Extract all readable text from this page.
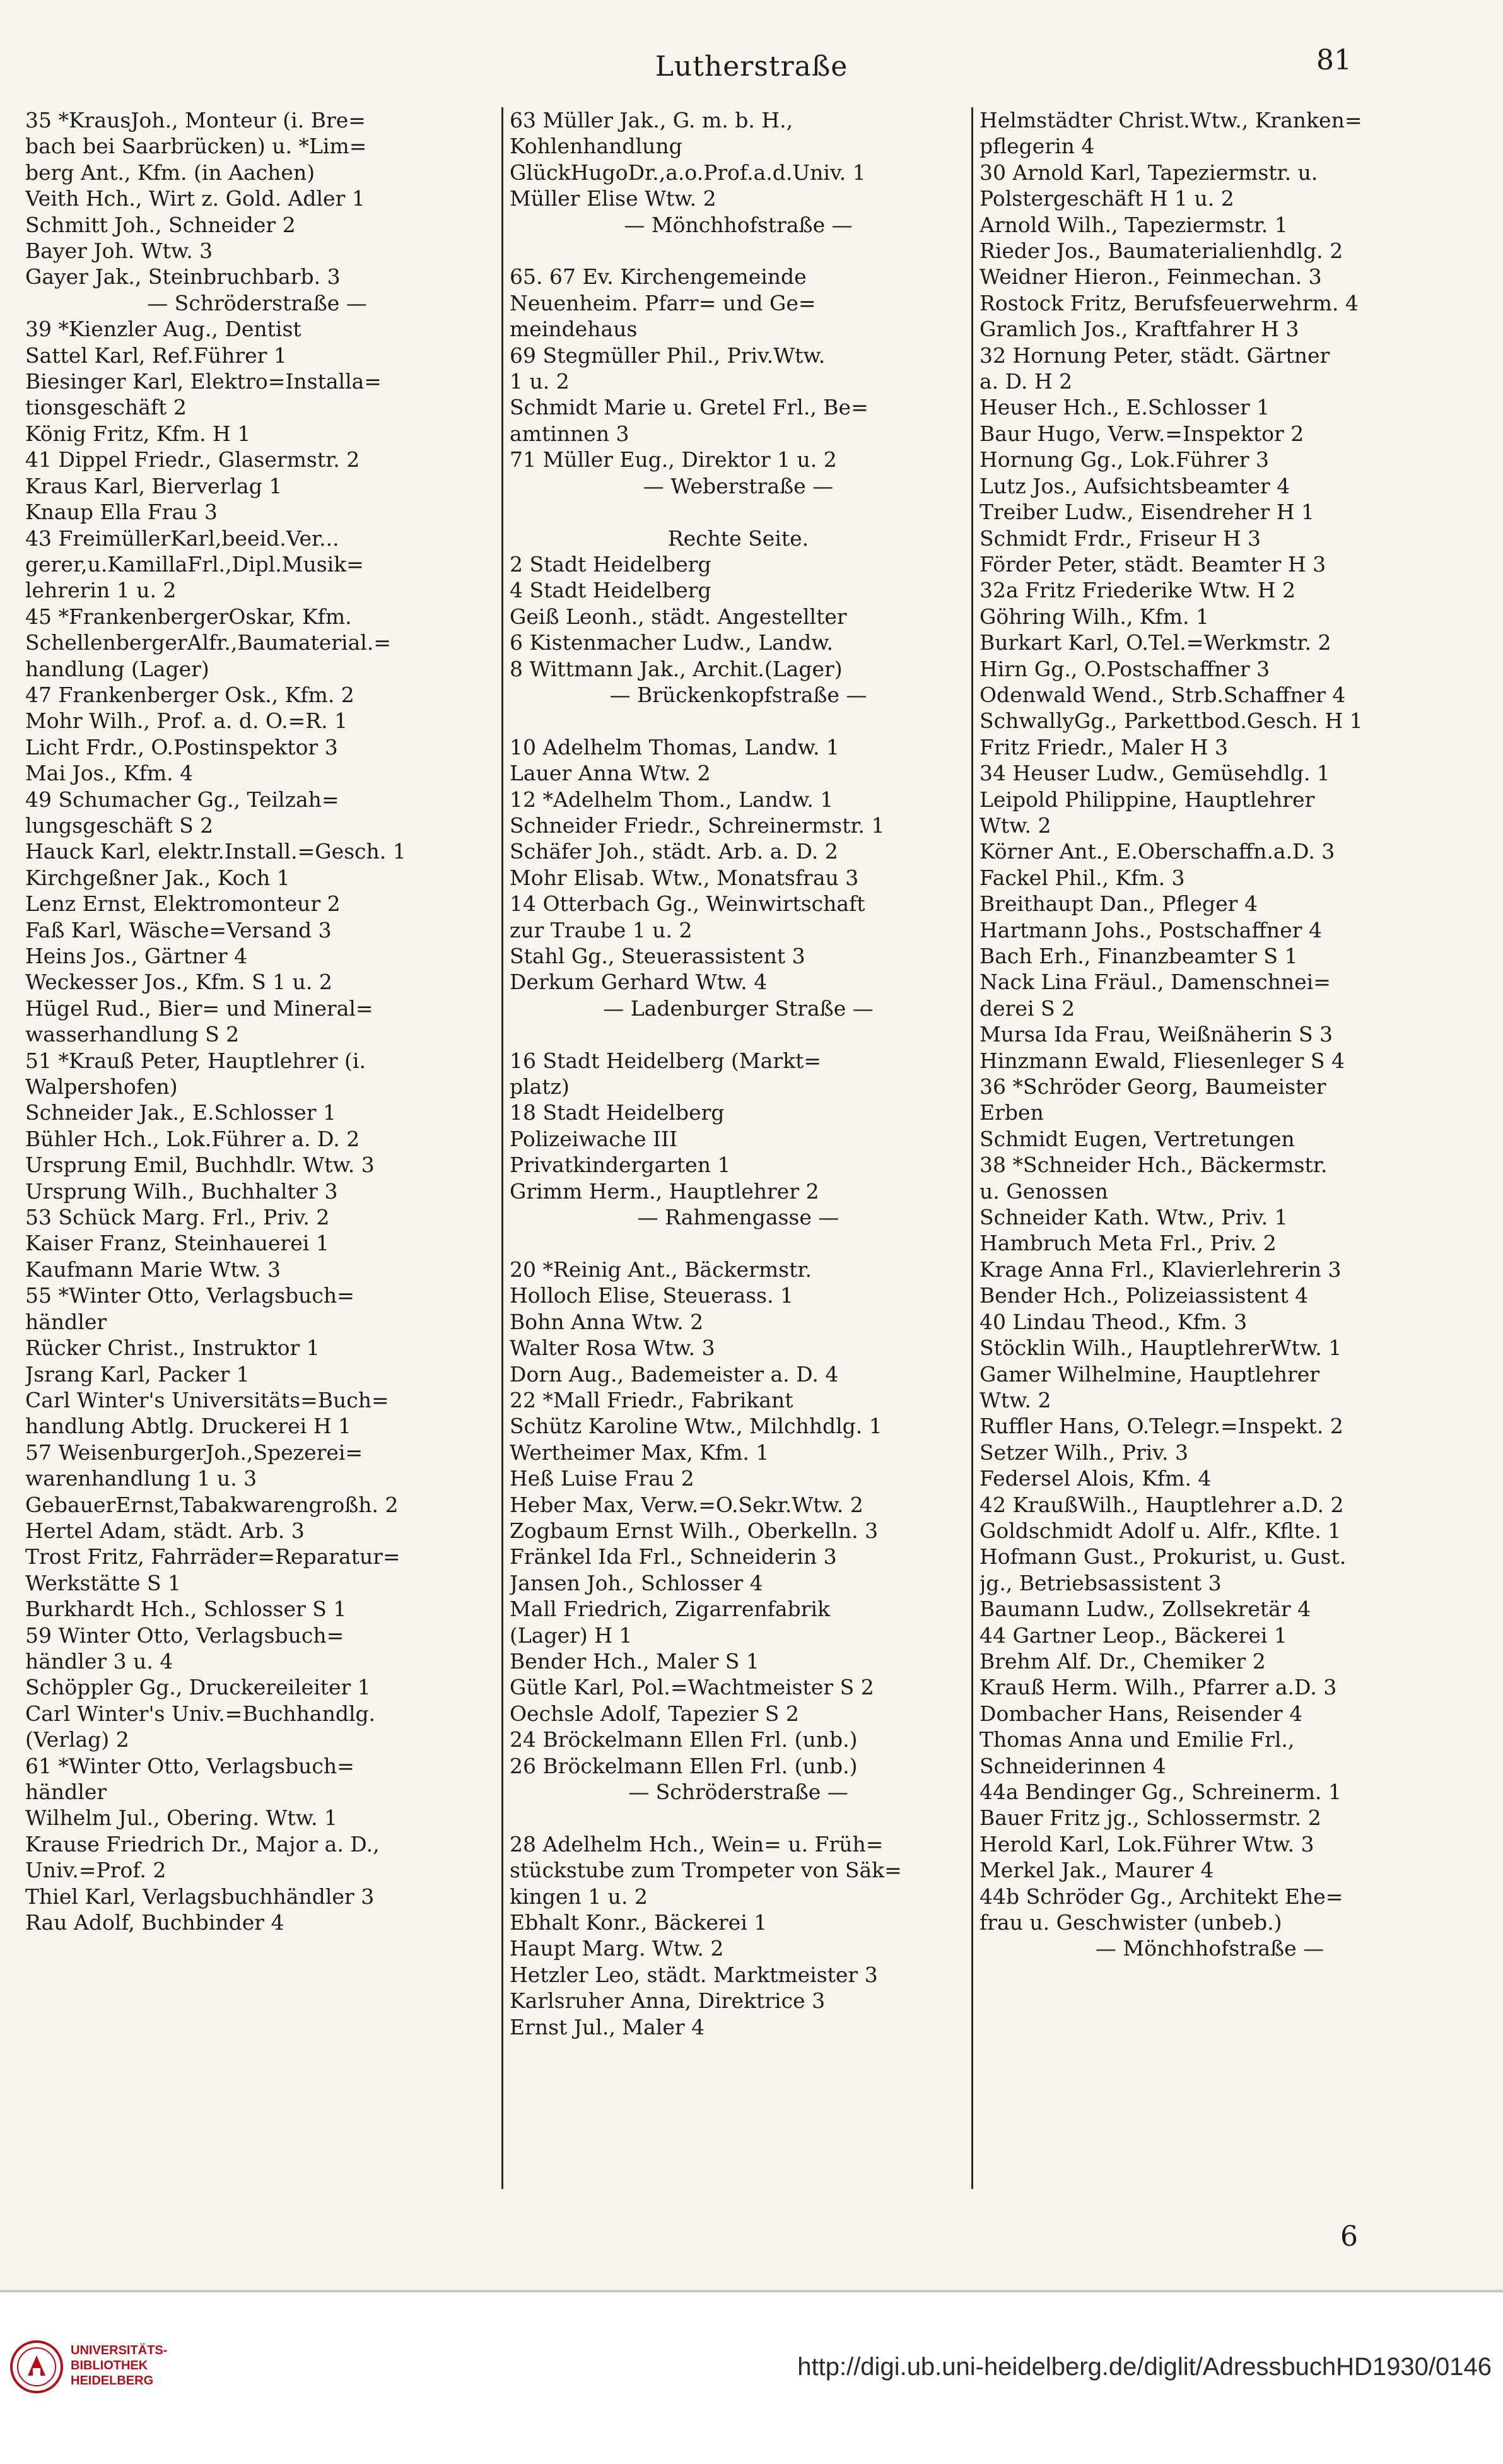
Lutherstraße	81
35 *KrausJoh., Monteur (i. Bre=
bach bei Saarbrücken) u. *Lim=
berg Ant., Kfm. (in Aachen)
Veith Hch., Wirt z. Gold. Adler 1
Schmitt Joh., Schneider 2
Bayer Joh. Wtw. 3
Gayer Jak., Steinbruchbarb. 3
— Schröderstraße —
39 *Kienzler Aug., Dentist
Sattel Karl, Ref.Führer 1
Biesinger Karl, Elektro=Installa=
tionsgeschäft 2
König Fritz, Kfm. H 1
41 Dippel Friedr., Glasermstr. 2
Kraus Karl, Bierverlag 1
Knaup Ella Frau 3
43 FreimüllerKarl,beeid.Ver...
gerer,u.KamillaFrl.,Dipl.Musik=
lehrerin 1 u. 2
45 *FrankenbergerOskar, Kfm.
SchellenbergerAlfr.,Baumaterial.=
handlung (Lager)
47 Frankenberger Osk., Kfm. 2
Mohr Wilh., Prof. a. d. O.=R. 1
Licht Frdr., O.Postinspektor 3
Mai Jos., Kfm. 4
49 Schumacher Gg., Teilzah=
lungsgeschäft S 2
Hauck Karl, elektr.Install.=Gesch. 1
Kirchgeßner Jak., Koch 1
Lenz Ernst, Elektromonteur 2
Faß Karl, Wäsche=Versand 3
Heins Jos., Gärtner 4
Weckesser Jos., Kfm. S 1 u. 2
Hügel Rud., Bier= und Mineral=
wasserhandlung S 2
51 *Krauß Peter, Hauptlehrer (i.
Walpershofen)
Schneider Jak., E.Schlosser 1
Bühler Hch., Lok.Führer a. D. 2
Ursprung Emil, Buchhdlr. Wtw. 3
Ursprung Wilh., Buchhalter 3
53 Schück Marg. Frl., Priv. 2
Kaiser Franz, Steinhauerei 1
Kaufmann Marie Wtw. 3
55 *Winter Otto, Verlagsbuch=
händler
Rücker Christ., Instruktor 1
Jsrang Karl, Packer 1
Carl Winter's Universitäts=Buch=
handlung Abtlg. Druckerei H 1
57 WeisenburgerJoh.,Spezerei=
warenhandlung 1 u. 3
GebauerErnst,Tabakwarengroßh. 2
Hertel Adam, städt. Arb. 3
Trost Fritz, Fahrräder=Reparatur=
Werkstätte S 1
Burkhardt Hch., Schlosser S 1
59 Winter Otto, Verlagsbuch=
händler 3 u. 4
Schöppler Gg., Druckereileiter 1
Carl Winter's Univ.=Buchhandlg.
(Verlag) 2
61 *Winter Otto, Verlagsbuch=
händler
Wilhelm Jul., Obering. Wtw. 1
Krause Friedrich Dr., Major a. D.,
Univ.=Prof. 2
Thiel Karl, Verlagsbuchhändler 3
Rau Adolf, Buchbinder 4
63 Müller Jak., G. m. b. H.,
Kohlenhandlung
GlückHugoDr.,a.o.Prof.a.d.Univ. 1
Müller Elise Wtw. 2
— Mönchhofstraße —

65. 67 Ev. Kirchengemeinde
Neuenheim. Pfarr= und Ge=
meindehaus
69 Stegmüller Phil., Priv.Wtw.
1 u. 2
Schmidt Marie u. Gretel Frl., Be=
amtinnen 3
71 Müller Eug., Direktor 1 u. 2
— Weberstraße —

Rechte Seite.
2 Stadt Heidelberg
4 Stadt Heidelberg
Geiß Leonh., städt. Angestellter
6 Kistenmacher Ludw., Landw.
8 Wittmann Jak., Archit.(Lager)
— Brückenkopfstraße —

10 Adelhelm Thomas, Landw. 1
Lauer Anna Wtw. 2
12 *Adelhelm Thom., Landw. 1
Schneider Friedr., Schreinermstr. 1
Schäfer Joh., städt. Arb. a. D. 2
Mohr Elisab. Wtw., Monatsfrau 3
14 Otterbach Gg., Weinwirtschaft
zur Traube 1 u. 2
Stahl Gg., Steuerassistent 3
Derkum Gerhard Wtw. 4
— Ladenburger Straße —

16 Stadt Heidelberg (Markt=
platz)
18 Stadt Heidelberg
Polizeiwache III
Privatkindergarten 1
Grimm Herm., Hauptlehrer 2
— Rahmengasse —

20 *Reinig Ant., Bäckermstr.
Holloch Elise, Steuerass. 1
Bohn Anna Wtw. 2
Walter Rosa Wtw. 3
Dorn Aug., Bademeister a. D. 4
22 *Mall Friedr., Fabrikant
Schütz Karoline Wtw., Milchhdlg. 1
Wertheimer Max, Kfm. 1
Heß Luise Frau 2
Heber Max, Verw.=O.Sekr.Wtw. 2
Zogbaum Ernst Wilh., Oberkelln. 3
Fränkel Ida Frl., Schneiderin 3
Jansen Joh., Schlosser 4
Mall Friedrich, Zigarrenfabrik
(Lager) H 1
Bender Hch., Maler S 1
Gütle Karl, Pol.=Wachtmeister S 2
Oechsle Adolf, Tapezier S 2
24 Bröckelmann Ellen Frl. (unb.)
26 Bröckelmann Ellen Frl. (unb.)
— Schröderstraße —

28 Adelhelm Hch., Wein= u. Früh=
stückstube zum Trompeter von Säk=
kingen 1 u. 2
Ebhalt Konr., Bäckerei 1
Haupt Marg. Wtw. 2
Hetzler Leo, städt. Marktmeister 3
Karlsruher Anna, Direktrice 3
Ernst Jul., Maler 4
Helmstädter Christ.Wtw., Kranken=
pflegerin 4
30 Arnold Karl, Tapeziermstr. u.
Polstergeschäft H 1 u. 2
Arnold Wilh., Tapeziermstr. 1
Rieder Jos., Baumaterialienhdlg. 2
Weidner Hieron., Feinmechan. 3
Rostock Fritz, Berufsfeuerwehrm. 4
Gramlich Jos., Kraftfahrer H 3
32 Hornung Peter, städt. Gärtner
a. D. H 2
Heuser Hch., E.Schlosser 1
Baur Hugo, Verw.=Inspektor 2
Hornung Gg., Lok.Führer 3
Lutz Jos., Aufsichtsbeamter 4
Treiber Ludw., Eisendreher H 1
Schmidt Frdr., Friseur H 3
Förder Peter, städt. Beamter H 3
32a Fritz Friederike Wtw. H 2
Göhring Wilh., Kfm. 1
Burkart Karl, O.Tel.=Werkmstr. 2
Hirn Gg., O.Postschaffner 3
Odenwald Wend., Strb.Schaffner 4
SchwallyGg., Parkettbod.Gesch. H 1
Fritz Friedr., Maler H 3
34 Heuser Ludw., Gemüsehdlg. 1
Leipold Philippine, Hauptlehrer
Wtw. 2
Körner Ant., E.Oberschaffn.a.D. 3
Fackel Phil., Kfm. 3
Breithaupt Dan., Pfleger 4
Hartmann Johs., Postschaffner 4
Bach Erh., Finanzbeamter S 1
Nack Lina Fräul., Damenschnei=
derei S 2
Mursa Ida Frau, Weißnäherin S 3
Hinzmann Ewald, Fliesenleger S 4
36 *Schröder Georg, Baumeister
Erben
Schmidt Eugen, Vertretungen
38 *Schneider Hch., Bäckermstr.
u. Genossen
Schneider Kath. Wtw., Priv. 1
Hambruch Meta Frl., Priv. 2
Krage Anna Frl., Klavierlehrerin 3
Bender Hch., Polizeiassistent 4
40 Lindau Theod., Kfm. 3
Stöcklin Wilh., HauptlehrerWtw. 1
Gamer Wilhelmine, Hauptlehrer
Wtw. 2
Ruffler Hans, O.Telegr.=Inspekt. 2
Setzer Wilh., Priv. 3
Federsel Alois, Kfm. 4
42 KraußWilh., Hauptlehrer a.D. 2
Goldschmidt Adolf u. Alfr., Kfltе. 1
Hofmann Gust., Prokurist, u. Gust.
jg., Betriebsassistent 3
Baumann Ludw., Zollsekretär 4
44 Gartner Leop., Bäckerei 1
Brehm Alf. Dr., Chemiker 2
Krauß Herm. Wilh., Pfarrer a.D. 3
Dombacher Hans, Reisender 4
Thomas Anna und Emilie Frl.,
Schneiderinnen 4
44a Bendinger Gg., Schreinerm. 1
Bauer Fritz jg., Schlossermstr. 2
Herold Karl, Lok.Führer Wtw. 3
Merkel Jak., Maurer 4
44b Schröder Gg., Architekt Ehe=
frau u. Geschwister (unbeb.)
— Mönchhofstraße —
6
UNIVERSITÄTS- BIBLIOTHEK HEIDELBERG	http://digi.ub.uni-heidelberg.de/diglit/AdressbuchHD1930/0146
